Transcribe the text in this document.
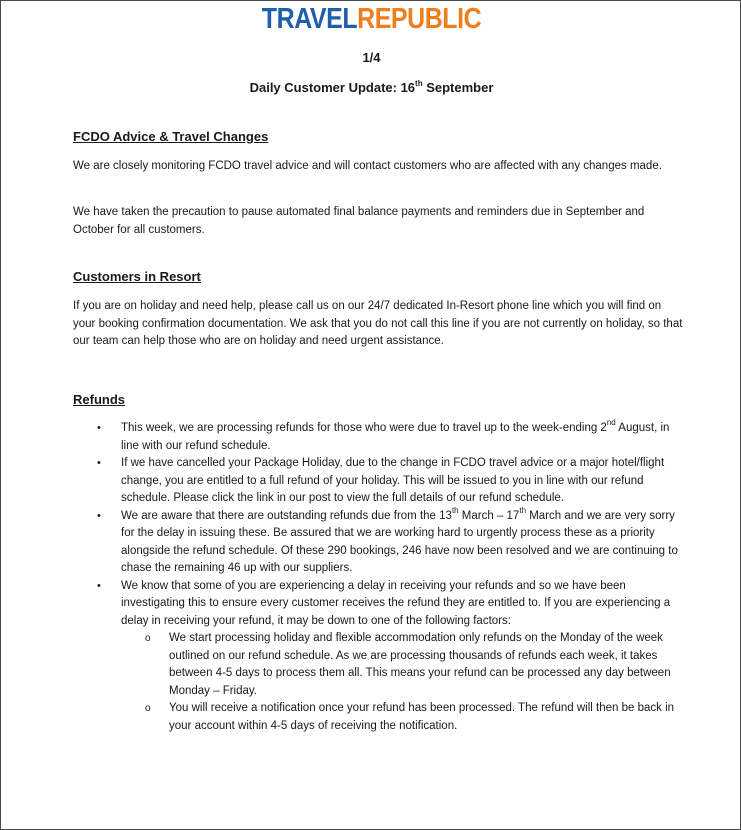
TRAVELREPUBLIC
1/4
Daily Customer Update: 16th September
FCDO Advice & Travel Changes
We are closely monitoring FCDO travel advice and will contact customers who are affected with any changes made.
We have taken the precaution to pause automated final balance payments and reminders due in September and October for all customers.
Customers in Resort
If you are on holiday and need help, please call us on our 24/7 dedicated In-Resort phone line which you will find on your booking confirmation documentation. We ask that you do not call this line if you are not currently on holiday, so that our team can help those who are on holiday and need urgent assistance.
Refunds
• This week, we are processing refunds for those who were due to travel up to the week-ending 2nd August, in line with our refund schedule.
• If we have cancelled your Package Holiday, due to the change in FCDO travel advice or a major hotel/flight change, you are entitled to a full refund of your holiday. This will be issued to you in line with our refund schedule. Please click the link in our post to view the full details of our refund schedule.
• We are aware that there are outstanding refunds due from the 13th March – 17th March and we are very sorry for the delay in issuing these. Be assured that we are working hard to urgently process these as a priority alongside the refund schedule. Of these 290 bookings, 246 have now been resolved and we are continuing to chase the remaining 46 up with our suppliers.
• We know that some of you are experiencing a delay in receiving your refunds and so we have been investigating this to ensure every customer receives the refund they are entitled to. If you are experiencing a delay in receiving your refund, it may be down to one of the following factors:
o We start processing holiday and flexible accommodation only refunds on the Monday of the week outlined on our refund schedule. As we are processing thousands of refunds each week, it takes between 4-5 days to process them all. This means your refund can be processed any day between Monday – Friday.
o You will receive a notification once your refund has been processed. The refund will then be back in your account within 4-5 days of receiving the notification.
